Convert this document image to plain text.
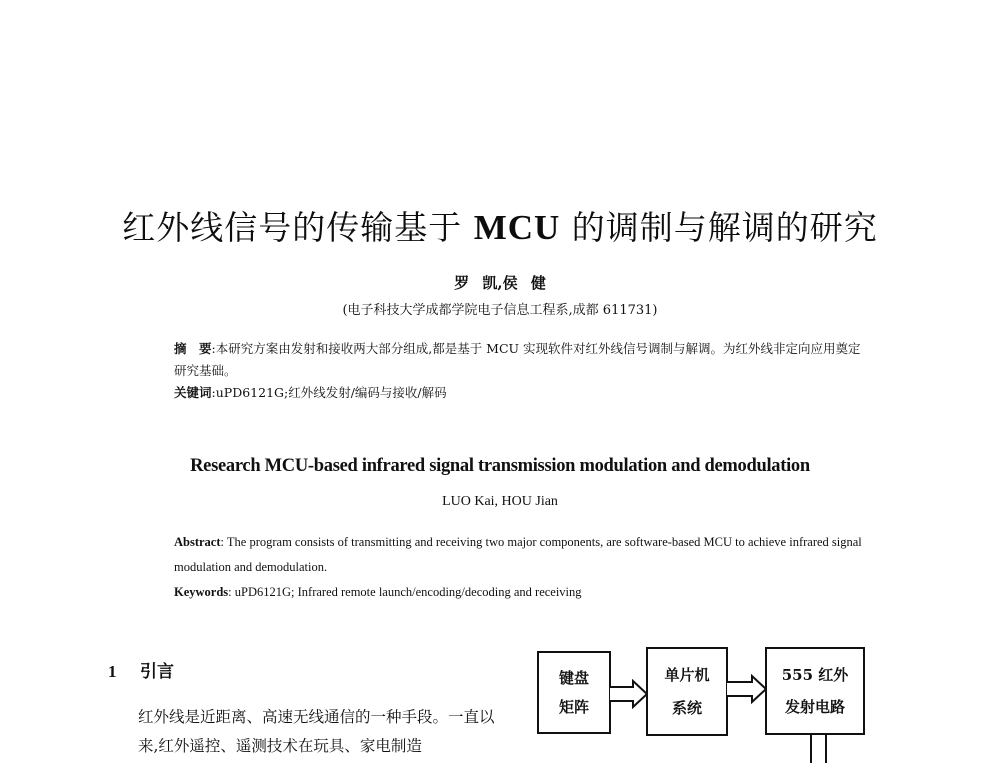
红外线信号的传输基于 MCU 的调制与解调的研究
罗 凯,侯 健
(电子科技大学成都学院电子信息工程系,成都 611731)

摘　要:本研究方案由发射和接收两大部分组成,都是基于 MCU 实现软件对红外线信号调制与解调。为红外线非定向应用奠定研究基础。

关键词:uPD6121G;红外线发射/编码与接收/解码

Research MCU-based infrared signal transmission modulation and demodulation
LUO Kai, HOU Jian

Abstract: The program consists of transmitting and receiving two major components, are software-based MCU to achieve infrared signal modulation and demodulation.

Keywords: uPD6121G; Infrared remote launch/encoding/decoding and receiving

1 引言

红外线是近距离、高速无线通信的一种手段。一直以来,红外遥控、遥测技术在玩具、家电制造

键盘
矩阵
单片机
系统
555 红外
发射电路
